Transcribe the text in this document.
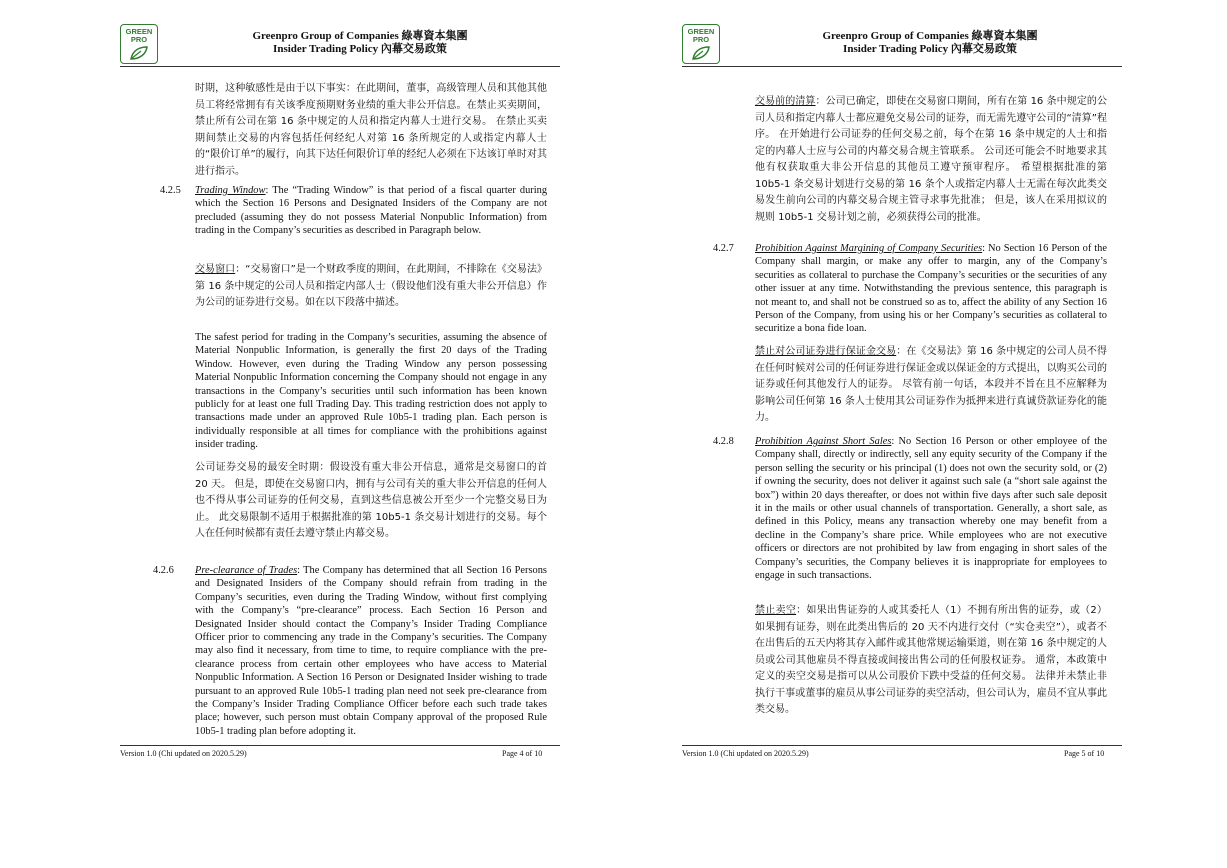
GREEN
PRO	Greenpro Group of Companies 綠專資本集團
Insider Trading Policy 內幕交易政策
时期，这种敏感性是由于以下事实：在此期间，董事，高级管理人员和其他其他员工将经常拥有有关该季度预期财务业绩的重大非公开信息。在禁止买卖期间，禁止所有公司在第 16 条中规定的人员和指定内幕人士进行交易。 在禁止买卖期间禁止交易的内容包括任何经纪人对第 16 条所规定的人或指定内幕人士的“限价订单”的履行，向其下达任何限价订单的经纪人必须在下达该订单时对其进行指示。
4.2.5 Trading Window: The “Trading Window” is that period of a fiscal quarter during which the Section 16 Persons and Designated Insiders of the Company are not precluded (assuming they do not possess Material Nonpublic Information) from trading in the Company’s securities as described in Paragraph below.
交易窗口：“交易窗口”是一个财政季度的期间，在此期间，不排除在《交易法》第 16 条中规定的公司人员和指定内部人士（假设他们没有重大非公开信息）作为公司的证券进行交易。如在以下段落中描述。
The safest period for trading in the Company’s securities, assuming the absence of Material Nonpublic Information, is generally the first 20 days of the Trading Window. However, even during the Trading Window any person possessing Material Nonpublic Information concerning the Company should not engage in any transactions in the Company’s securities until such information has been known publicly for at least one full Trading Day. This trading restriction does not apply to transactions made under an approved Rule 10b5-1 trading plan. Each person is individually responsible at all times for compliance with the prohibitions against insider trading.
公司证券交易的最安全时期：假设没有重大非公开信息，通常是交易窗口的首 20 天。 但是，即使在交易窗口内，拥有与公司有关的重大非公开信息的任何人也不得从事公司证券的任何交易，直到这些信息被公开至少一个完整交易日为止。 此交易限制不适用于根据批准的第 10b5-1 条交易计划进行的交易。每个人在任何时候都有责任去遵守禁止内幕交易。
4.2.6 Pre-clearance of Trades: The Company has determined that all Section 16 Persons and Designated Insiders of the Company should refrain from trading in the Company’s securities, even during the Trading Window, without first complying with the Company’s “pre-clearance” process. Each Section 16 Person and Designated Insider should contact the Company’s Insider Trading Compliance Officer prior to commencing any trade in the Company’s securities. The Company may also find it necessary, from time to time, to require compliance with the pre-clearance process from certain other employees who have access to Material Nonpublic Information. A Section 16 Person or Designated Insider wishing to trade pursuant to an approved Rule 10b5-1 trading plan need not seek pre-clearance from the Company’s Insider Trading Compliance Officer before each such trade takes place; however, such person must obtain Company approval of the proposed Rule 10b5-1 trading plan before adopting it.
Version 1.0 (Chi updated on 2020.5.29)	Page 4 of 10
GREEN
PRO	Greenpro Group of Companies 綠專資本集團
Insider Trading Policy 內幕交易政策
交易前的清算：公司已确定，即使在交易窗口期间，所有在第 16 条中规定的公司人员和指定内幕人士都应避免交易公司的证券，而无需先遵守公司的“清算”程序。 在开始进行公司证券的任何交易之前，每个在第 16 条中规定的人士和指定的内幕人士应与公司的内幕交易合规主管联系。 公司还可能会不时地要求其他有权获取重大非公开信息的其他员工遵守预审程序。 希望根据批准的第 10b5-1 条交易计划进行交易的第 16 条个人或指定内幕人士无需在每次此类交易发生前向公司的内幕交易合规主管寻求事先批准； 但是，该人在采用拟议的规则 10b5-1 交易计划之前，必须获得公司的批准。
4.2.7 Prohibition Against Margining of Company Securities: No Section 16 Person of the Company shall margin, or make any offer to margin, any of the Company’s securities as collateral to purchase the Company’s securities or the securities of any other issuer at any time. Notwithstanding the previous sentence, this paragraph is not meant to, and shall not be construed so as to, affect the ability of any Section 16 Person of the Company, from using his or her Company’s securities as collateral to securitize a bona fide loan.
禁止对公司证券进行保证金交易：在《交易法》第 16 条中规定的公司人员不得在任何时候对公司的任何证券进行保证金或以保证金的方式提出，以购买公司的证券或任何其他发行人的证券。 尽管有前一句话，本段并不旨在且不应解释为影响公司任何第 16 条人士使用其公司证券作为抵押来进行真诚贷款证券化的能力。
4.2.8 Prohibition Against Short Sales: No Section 16 Person or other employee of the Company shall, directly or indirectly, sell any equity security of the Company if the person selling the security or his principal (1) does not own the security sold, or (2) if owning the security, does not deliver it against such sale (a “short sale against the box”) within 20 days thereafter, or does not within five days after such sale deposit it in the mails or other usual channels of transportation. Generally, a short sale, as defined in this Policy, means any transaction whereby one may benefit from a decline in the Company’s share price. While employees who are not executive officers or directors are not prohibited by law from engaging in short sales of the Company’s securities, the Company believes it is inappropriate for employees to engage in such transactions.
禁止卖空：如果出售证券的人或其委托人（1）不拥有所出售的证券，或（2）如果拥有证券，则在此类出售后的 20 天不内进行交付（“实仓卖空”），或者不在出售后的五天内将其存入邮件或其他常规运输渠道，则在第 16 条中规定的人员或公司其他雇员不得直接或间接出售公司的任何股权证券。 通常，本政策中定义的卖空交易是指可以从公司股价下跌中受益的任何交易。 法律并未禁止非执行干事或董事的雇员从事公司证券的卖空活动，但公司认为，雇员不宜从事此类交易。
Version 1.0 (Chi updated on 2020.5.29)	Page 5 of 10
